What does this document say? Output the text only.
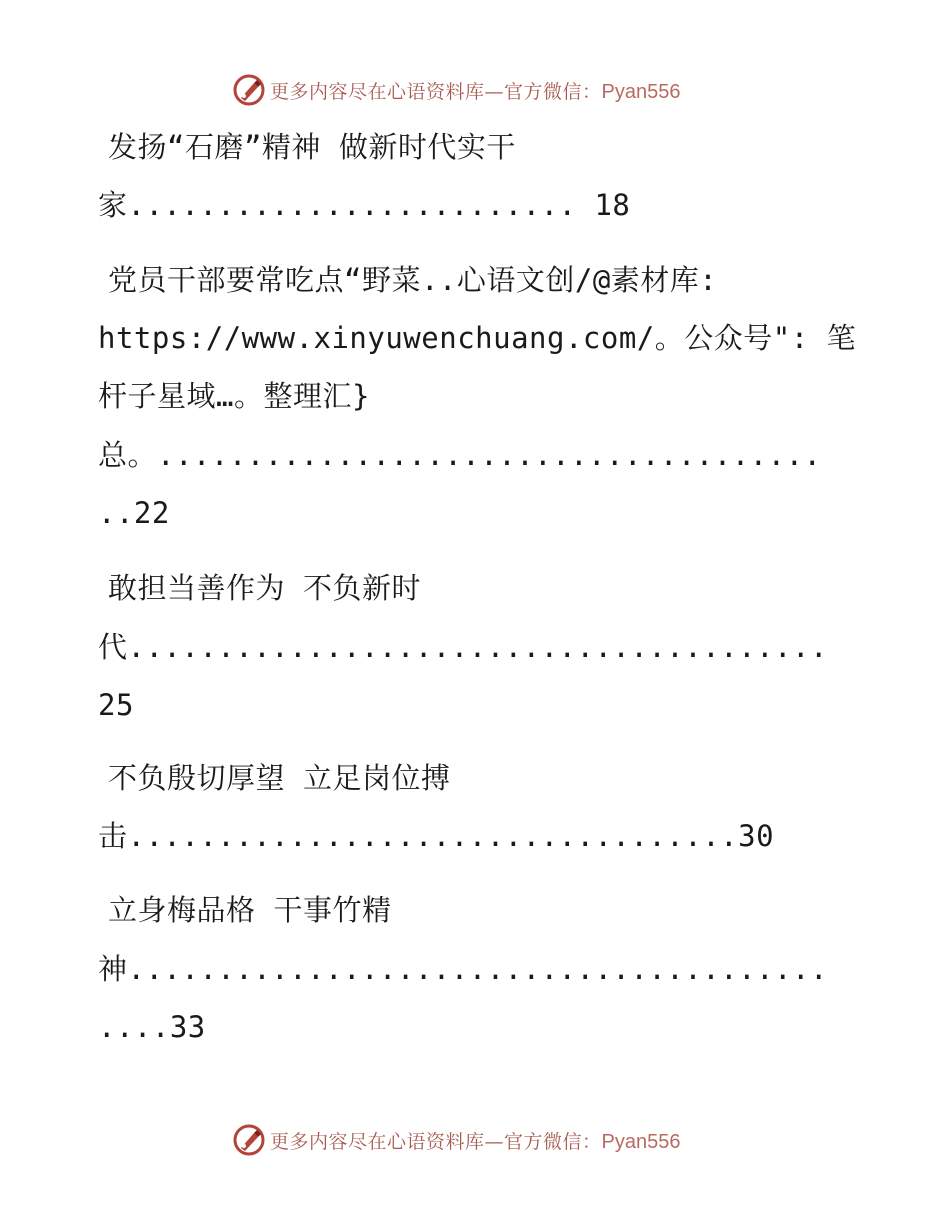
更多内容尽在心语资料库—官方微信：Pyan556
发扬“石磨”精神 做新时代实干
家......................... 18
党员干部要常吃点“野菜..心语文创/@素材库:
https://www.xinyuwenchuang.com/。公众号": 笔
杆子星域…。整理汇}
总。.....................................
..22
敢担当善作为 不负新时
代.......................................
25
不负殷切厚望 立足岗位搏
击..................................30
立身梅品格 干事竹精
神.......................................
....33
更多内容尽在心语资料库—官方微信：Pyan556
